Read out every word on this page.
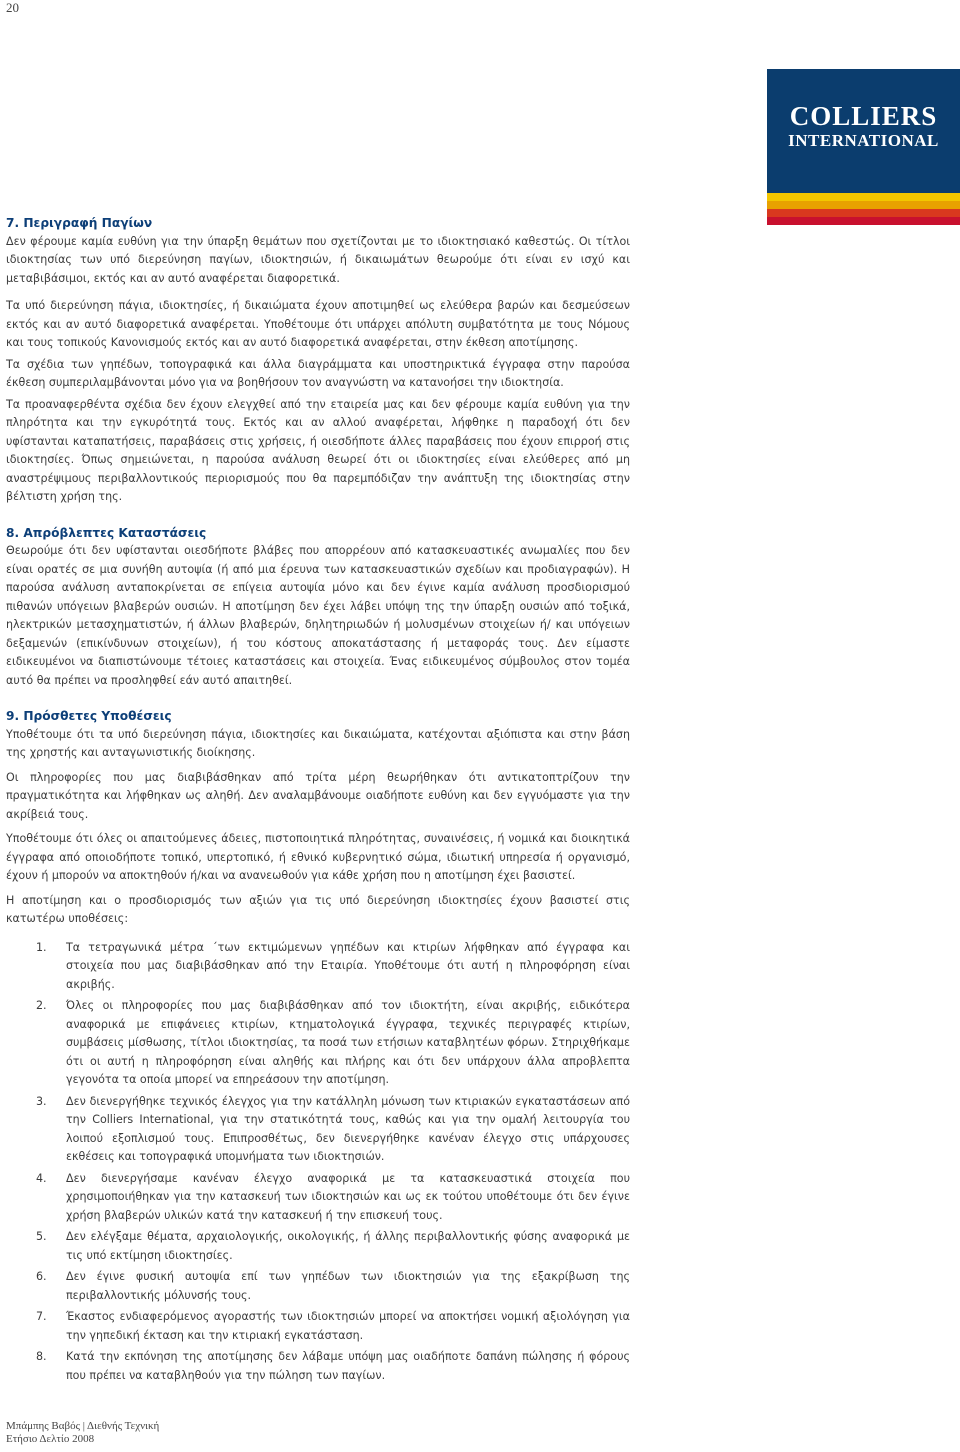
20
COLLIERS
INTERNATIONAL
7. Περιγραφή Παγίων

Δεν φέρουμε καμία ευθύνη για την ύπαρξη θεμάτων που σχετίζονται με το ιδιοκτησιακό καθεστώς. Οι τίτλοι ιδιοκτησίας των υπό διερεύνηση παγίων, ιδιοκτησιών, ή δικαιωμάτων θεωρούμε ότι είναι εν ισχύ και μεταβιβάσιμοι, εκτός και αν αυτό αναφέρεται διαφορετικά.

Τα υπό διερεύνηση πάγια, ιδιοκτησίες, ή δικαιώματα έχουν αποτιμηθεί ως ελεύθερα βαρών και δεσμεύσεων εκτός και αν αυτό διαφορετικά αναφέρεται. Υποθέτουμε ότι υπάρχει απόλυτη συμβατότητα με τους Νόμους και τους τοπικούς Κανονισμούς εκτός και αν αυτό διαφορετικά αναφέρεται, στην έκθεση αποτίμησης.

Τα σχέδια των γηπέδων, τοπογραφικά και άλλα διαγράμματα και υποστηρικτικά έγγραφα στην παρούσα έκθεση συμπεριλαμβάνονται μόνο για να βοηθήσουν τον αναγνώστη να κατανοήσει την ιδιοκτησία.

Τα προαναφερθέντα σχέδια δεν έχουν ελεγχθεί από την εταιρεία μας και δεν φέρουμε καμία ευθύνη για την πληρότητα και την εγκυρότητά τους. Εκτός και αν αλλού αναφέρεται, λήφθηκε η παραδοχή ότι δεν υφίστανται καταπατήσεις, παραβάσεις στις χρήσεις, ή οιεσδήποτε άλλες παραβάσεις που έχουν επιρροή στις ιδιοκτησίες. Όπως σημειώνεται, η παρούσα ανάλυση θεωρεί ότι οι ιδιοκτησίες είναι ελεύθερες από μη αναστρέψιμους περιβαλλοντικούς περιορισμούς που θα παρεμπόδιζαν την ανάπτυξη της ιδιοκτησίας στην βέλτιστη χρήση της.

8. Απρόβλεπτες Καταστάσεις

Θεωρούμε ότι δεν υφίστανται οιεσδήποτε βλάβες που απορρέουν από κατασκευαστικές ανωμαλίες που δεν είναι ορατές σε μια συνήθη αυτοψία (ή από μια έρευνα των κατασκευαστικών σχεδίων και προδιαγραφών). Η παρούσα ανάλυση ανταποκρίνεται σε επίγεια αυτοψία μόνο και δεν έγινε καμία ανάλυση προσδιορισμού πιθανών υπόγειων βλαβερών ουσιών. Η αποτίμηση δεν έχει λάβει υπόψη της την ύπαρξη ουσιών από τοξικά, ηλεκτρικών μετασχηματιστών, ή άλλων βλαβερών, δηλητηριωδών ή μολυσμένων στοιχείων ή/ και υπόγειων δεξαμενών (επικίνδυνων στοιχείων), ή του κόστους αποκατάστασης ή μεταφοράς τους. Δεν είμαστε ειδικευμένοι να διαπιστώνουμε τέτοιες καταστάσεις και στοιχεία. Ένας ειδικευμένος σύμβουλος στον τομέα αυτό θα πρέπει να προσληφθεί εάν αυτό απαιτηθεί.

9. Πρόσθετες Υποθέσεις

Υποθέτουμε ότι τα υπό διερεύνηση πάγια, ιδιοκτησίες και δικαιώματα, κατέχονται αξιόπιστα και στην βάση της χρηστής και ανταγωνιστικής διοίκησης.

Οι πληροφορίες που μας διαβιβάσθηκαν από τρίτα μέρη θεωρήθηκαν ότι αντικατοπτρίζουν την πραγματικότητα και λήφθηκαν ως αληθή. Δεν αναλαμβάνουμε οιαδήποτε ευθύνη και δεν εγγυόμαστε για την ακρίβειά τους.

Υποθέτουμε ότι όλες οι απαιτούμενες άδειες, πιστοποιητικά πληρότητας, συναινέσεις, ή νομικά και διοικητικά έγγραφα από οποιοδήποτε τοπικό, υπερτοπικό, ή εθνικό κυβερνητικό σώμα, ιδιωτική υπηρεσία ή οργανισμό, έχουν ή μπορούν να αποκτηθούν ή/και να ανανεωθούν για κάθε χρήση που η αποτίμηση έχει βασιστεί.

Η αποτίμηση και ο προσδιορισμός των αξιών για τις υπό διερεύνηση ιδιοκτησίες έχουν βασιστεί στις κατωτέρω υποθέσεις:

1. Τα τετραγωνικά μέτρα ´των εκτιμώμενων γηπέδων και κτιρίων λήφθηκαν από έγγραφα και στοιχεία που μας διαβιβάσθηκαν από την Εταιρία. Υποθέτουμε ότι αυτή η πληροφόρηση είναι ακριβής.
2. Όλες οι πληροφορίες που μας διαβιβάσθηκαν από τον ιδιοκτήτη, είναι ακριβής, ειδικότερα αναφορικά με επιφάνειες κτιρίων, κτηματολογικά έγγραφα, τεχνικές περιγραφές κτιρίων, συμβάσεις μίσθωσης, τίτλοι ιδιοκτησίας, τα ποσά των ετήσιων καταβλητέων φόρων. Στηριχθήκαμε ότι οι αυτή η πληροφόρηση είναι αληθής και πλήρης και ότι δεν υπάρχουν άλλα απροβλεπτα γεγονότα τα οποία μπορεί να επηρεάσουν την αποτίμηση.
3. Δεν διενεργήθηκε τεχνικός έλεγχος για την κατάλληλη μόνωση των κτιριακών εγκαταστάσεων από την Colliers International, για την στατικότητά τους, καθώς και για την ομαλή λειτουργία του λοιπού εξοπλισμού τους. Επιπροσθέτως, δεν διενεργήθηκε κανέναν έλεγχο στις υπάρχουσες εκθέσεις και τοπογραφικά υπομνήματα των ιδιοκτησιών.
4. Δεν διενεργήσαμε κανέναν έλεγχο αναφορικά με τα κατασκευαστικά στοιχεία που χρησιμοποιήθηκαν για την κατασκευή των ιδιοκτησιών και ως εκ τούτου υποθέτουμε ότι δεν έγινε χρήση βλαβερών υλικών κατά την κατασκευή ή την επισκευή τους.
5. Δεν ελέγξαμε θέματα, αρχαιολογικής, οικολογικής, ή άλλης περιβαλλοντικής φύσης αναφορικά με τις υπό εκτίμηση ιδιοκτησίες.
6. Δεν έγινε φυσική αυτοψία επί των γηπέδων των ιδιοκτησιών για της εξακρίβωση της περιβαλλοντικής μόλυνσής τους.
7. Έκαστος ενδιαφερόμενος αγοραστής των ιδιοκτησιών μπορεί να αποκτήσει νομική αξιολόγηση για την γηπεδική έκταση και την κτιριακή εγκατάσταση.
8. Κατά την εκπόνηση της αποτίμησης δεν λάβαμε υπόψη μας οιαδήποτε δαπάνη πώλησης ή φόρους που πρέπει να καταβληθούν για την πώληση των παγίων.
Μπάμπης Βαβός | Διεθνής Τεχνική
Ετήσιο Δελτίο 2008
